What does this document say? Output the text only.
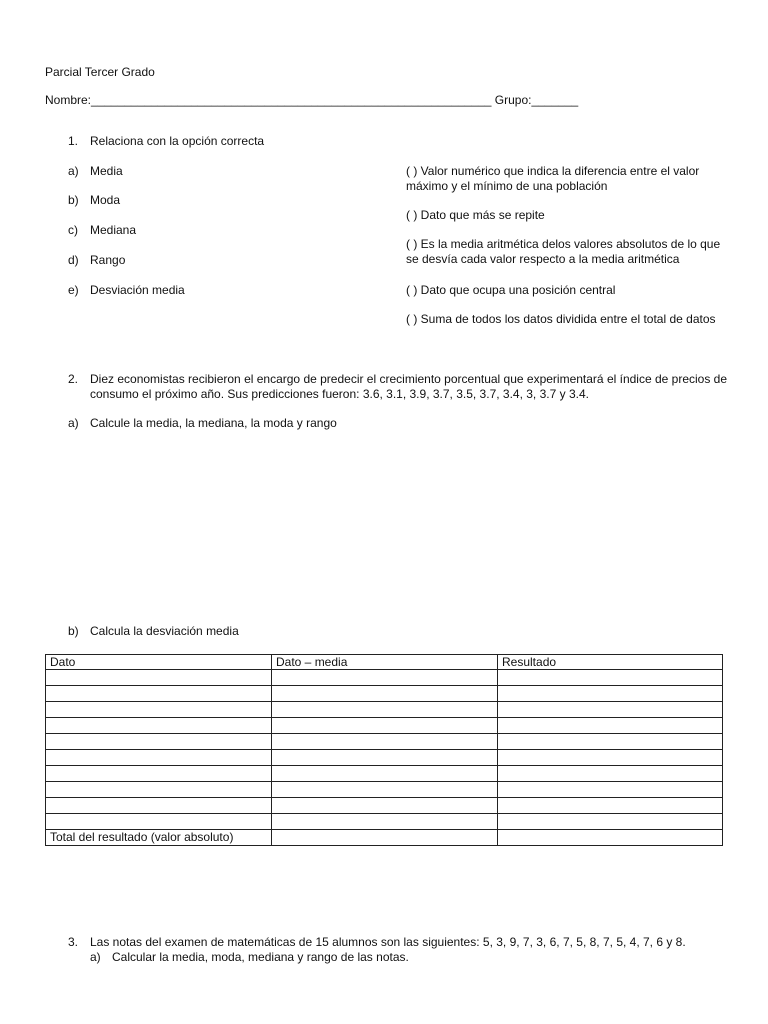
Parcial Tercer Grado
Nombre:____________________________________________________________ Grupo:_______
1. Relaciona con la opción correcta
a) Media
b) Moda
c) Mediana
d) Rango
e) Desviación media
( ) Valor numérico que indica la diferencia entre el valor máximo y el mínimo de una población
( ) Dato que más se repite
( ) Es la media aritmética delos valores absolutos de lo que se desvía cada valor respecto a la media aritmética
( ) Dato que ocupa una posición central
( ) Suma de todos los datos dividida entre el total de datos
2. Diez economistas recibieron el encargo de predecir el crecimiento porcentual que experimentará el índice de precios de consumo el próximo año. Sus predicciones fueron: 3.6, 3.1, 3.9, 3.7, 3.5, 3.7, 3.4, 3, 3.7 y 3.4.
a) Calcule la media, la mediana, la moda y rango
b) Calcula la desviación media
Dato	Dato – media	Resultado

Total del resultado (valor absoluto)		
3. Las notas del examen de matemáticas de 15 alumnos son las siguientes: 5, 3, 9, 7, 3, 6, 7, 5, 8, 7, 5, 4, 7, 6 y 8.
a) Calcular la media, moda, mediana y rango de las notas.
